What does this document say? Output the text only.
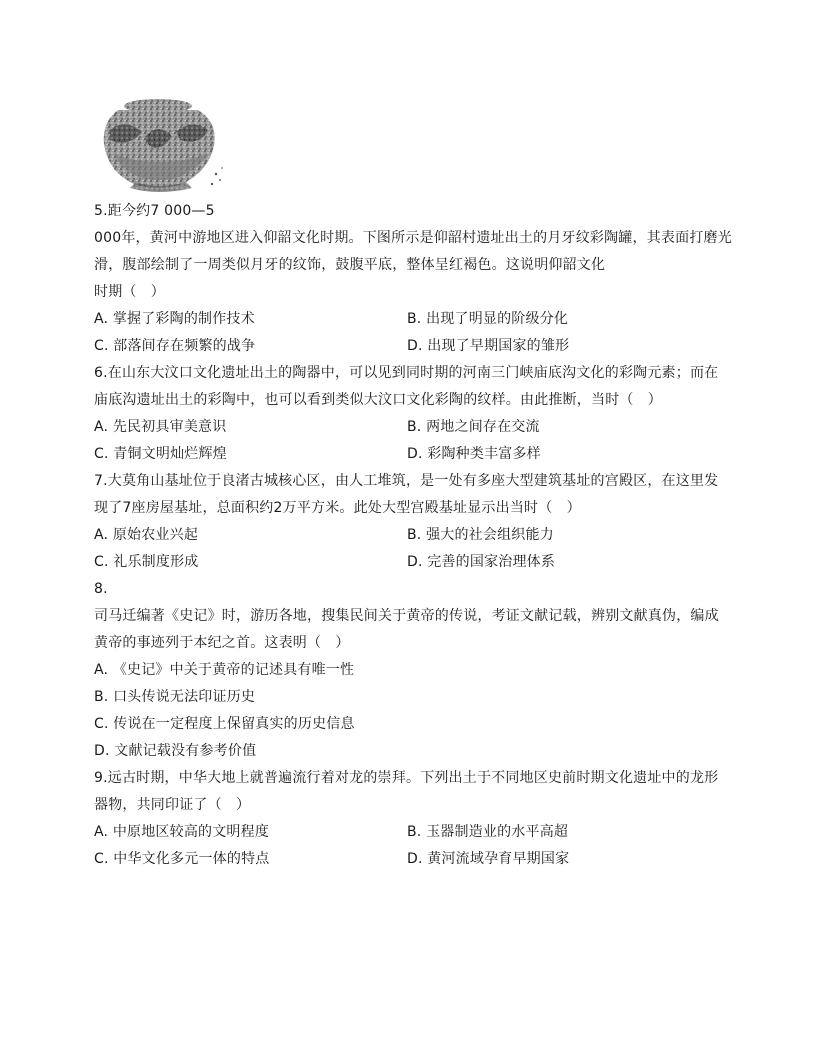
5.距今约7 000—5
000年，黄河中游地区进入仰韶文化时期。下图所示是仰韶村遗址出土的月牙纹彩陶罐，其表面打磨光
滑，腹部绘制了一周类似月牙的纹饰，鼓腹平底，整体呈红褐色。这说明仰韶文化
时期（　）
A. 掌握了彩陶的制作技术	B. 出现了明显的阶级分化
C. 部落间存在频繁的战争	D. 出现了早期国家的雏形
6.在山东大汶口文化遗址出土的陶器中，可以见到同时期的河南三门峡庙底沟文化的彩陶元素；而在
庙底沟遗址出土的彩陶中，也可以看到类似大汶口文化彩陶的纹样。由此推断，当时（　）
A. 先民初具审美意识	B. 两地之间存在交流
C. 青铜文明灿烂辉煌	D. 彩陶种类丰富多样
7.大莫角山基址位于良渚古城核心区，由人工堆筑，是一处有多座大型建筑基址的宫殿区，在这里发
现了7座房屋基址，总面积约2万平方米。此处大型宫殿基址显示出当时（　）
A. 原始农业兴起	B. 强大的社会组织能力
C. 礼乐制度形成	D. 完善的国家治理体系
8.
司马迁编著《史记》时，游历各地，搜集民间关于黄帝的传说，考证文献记载，辨别文献真伪，编成
黄帝的事迹列于本纪之首。这表明（　）
A. 《史记》中关于黄帝的记述具有唯一性
B. 口头传说无法印证历史
C. 传说在一定程度上保留真实的历史信息
D. 文献记载没有参考价值
9.远古时期，中华大地上就普遍流行着对龙的崇拜。下列出土于不同地区史前时期文化遗址中的龙形
器物，共同印证了（　）
A. 中原地区较高的文明程度	B. 玉器制造业的水平高超
C. 中华文化多元一体的特点	D. 黄河流域孕育早期国家
